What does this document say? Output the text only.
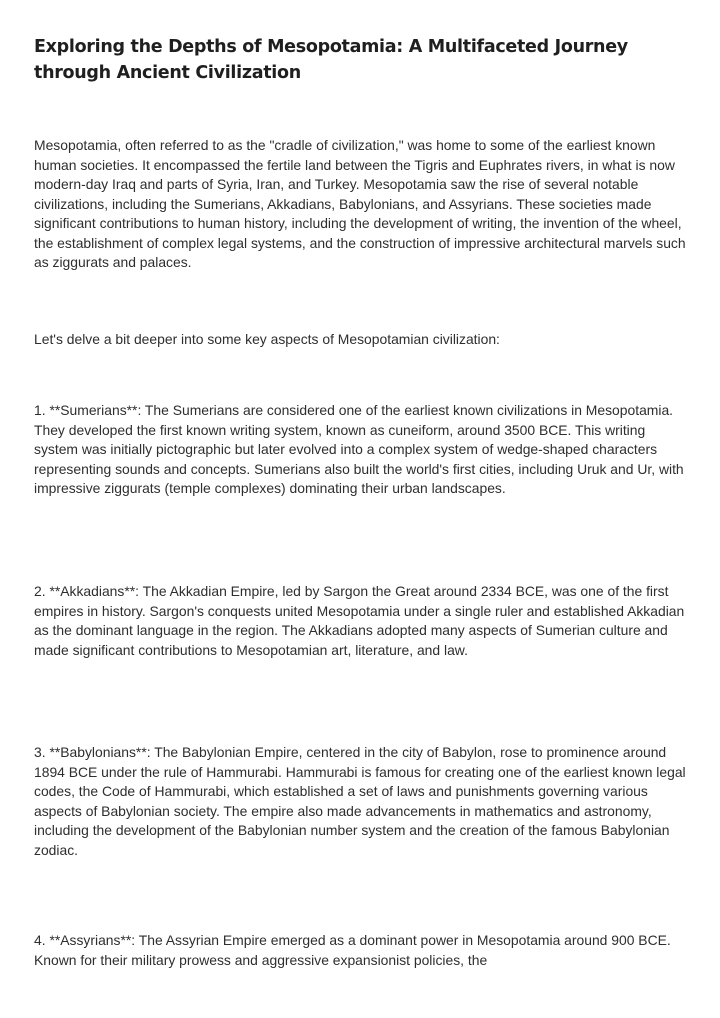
Exploring the Depths of Mesopotamia: A Multifaceted Journey through Ancient Civilization

Mesopotamia, often referred to as the "cradle of civilization," was home to some of the earliest known human societies. It encompassed the fertile land between the Tigris and Euphrates rivers, in what is now modern-day Iraq and parts of Syria, Iran, and Turkey. Mesopotamia saw the rise of several notable civilizations, including the Sumerians, Akkadians, Babylonians, and Assyrians. These societies made significant contributions to human history, including the development of writing, the invention of the wheel, the establishment of complex legal systems, and the construction of impressive architectural marvels such as ziggurats and palaces.

Let's delve a bit deeper into some key aspects of Mesopotamian civilization:

1. **Sumerians**: The Sumerians are considered one of the earliest known civilizations in Mesopotamia. They developed the first known writing system, known as cuneiform, around 3500 BCE. This writing system was initially pictographic but later evolved into a complex system of wedge-shaped characters representing sounds and concepts. Sumerians also built the world's first cities, including Uruk and Ur, with impressive ziggurats (temple complexes) dominating their urban landscapes.

2. **Akkadians**: The Akkadian Empire, led by Sargon the Great around 2334 BCE, was one of the first empires in history. Sargon's conquests united Mesopotamia under a single ruler and established Akkadian as the dominant language in the region. The Akkadians adopted many aspects of Sumerian culture and made significant contributions to Mesopotamian art, literature, and law.

3. **Babylonians**: The Babylonian Empire, centered in the city of Babylon, rose to prominence around 1894 BCE under the rule of Hammurabi. Hammurabi is famous for creating one of the earliest known legal codes, the Code of Hammurabi, which established a set of laws and punishments governing various aspects of Babylonian society. The empire also made advancements in mathematics and astronomy, including the development of the Babylonian number system and the creation of the famous Babylonian zodiac.

4. **Assyrians**: The Assyrian Empire emerged as a dominant power in Mesopotamia around 900 BCE. Known for their military prowess and aggressive expansionist policies, the
